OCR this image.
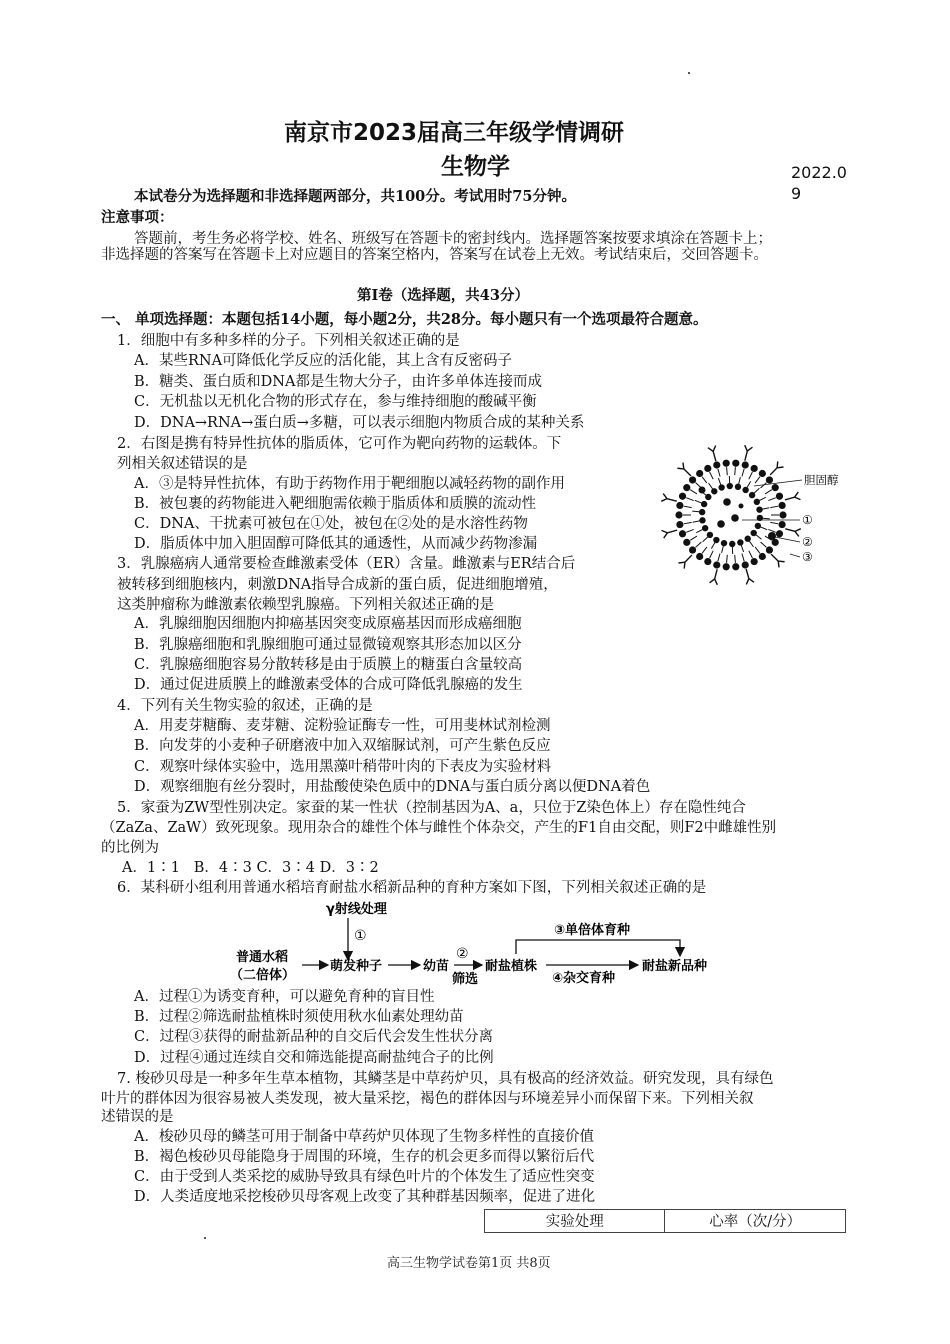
南京市2023届高三年级学情调研
生物学	2022.09
本试卷分为选择题和非选择题两部分，共100分。考试用时75分钟。
注意事项：
答题前，考生务必将学校、姓名、班级写在答题卡的密封线内。选择题答案按要求填涂在答题卡上；
非选择题的答案写在答题卡上对应题目的答案空格内，答案写在试卷上无效。考试结束后，交回答题卡。
第Ⅰ卷（选择题，共43分）
一、 单项选择题：本题包括14小题，每小题2分，共28分。每小题只有一个选项最符合题意。
1．细胞中有多种多样的分子。下列相关叙述正确的是
A．某些RNA可降低化学反应的活化能，其上含有反密码子
B．糖类、蛋白质和DNA都是生物大分子，由许多单体连接而成
C．无机盐以无机化合物的形式存在，参与维持细胞的酸碱平衡
D．DNA→RNA→蛋白质→多糖，可以表示细胞内物质合成的某种关系
2．右图是携有特异性抗体的脂质体，它可作为靶向药物的运载体。下
列相关叙述错误的是
A．③是特异性抗体，有助于药物作用于靶细胞以减轻药物的副作用
B．被包裹的药物能进入靶细胞需依赖于脂质体和质膜的流动性
C．DNA、干扰素可被包在①处，被包在②处的是水溶性药物
D．脂质体中加入胆固醇可降低其的通透性，从而减少药物渗漏
胆固醇
①
②
③
3．乳腺癌病人通常要检查雌激素受体（ER）含量。雌激素与ER结合后
被转移到细胞核内，刺激DNA指导合成新的蛋白质，促进细胞增殖，
这类肿瘤称为雌激素依赖型乳腺癌。下列相关叙述正确的是
A．乳腺细胞因细胞内抑癌基因突变成原癌基因而形成癌细胞
B．乳腺癌细胞和乳腺细胞可通过显微镜观察其形态加以区分
C．乳腺癌细胞容易分散转移是由于质膜上的糖蛋白含量较高
D．通过促进质膜上的雌激素受体的合成可降低乳腺癌的发生
4．下列有关生物实验的叙述，正确的是
A．用麦芽糖酶、麦芽糖、淀粉验证酶专一性，可用斐林试剂检测
B．向发芽的小麦种子研磨液中加入双缩脲试剂，可产生紫色反应
C．观察叶绿体实验中，选用黑藻叶稍带叶肉的下表皮为实验材料
D．观察细胞有丝分裂时，用盐酸使染色质中的DNA与蛋白质分离以便DNA着色
5．家蚕为ZW型性别决定。家蚕的某一性状（控制基因为A、a，只位于Z染色体上）存在隐性纯合
（ZaZa、ZaW）致死现象。现用杂合的雄性个体与雌性个体杂交，产生的F1自由交配，则F2中雌雄性别
的比例为
A．1∶1   B．4∶3 C．3∶4 D．3∶2
6．某科研小组利用普通水稻培育耐盐水稻新品种的育种方案如下图，下列相关叙述正确的是
γ射线处理
①
普通水稻
（二倍体）
萌发种子	幼苗
②
筛选
耐盐植株
③单倍体育种
④杂交育种
耐盐新品种
A．过程①为诱变育种，可以避免育种的盲目性
B．过程②筛选耐盐植株时须使用秋水仙素处理幼苗
C．过程③获得的耐盐新品种的自交后代会发生性状分离
D．过程④通过连续自交和筛选能提高耐盐纯合子的比例
7. 梭砂贝母是一种多年生草本植物，其鳞茎是中草药炉贝，具有极高的经济效益。研究发现，具有绿色
叶片的群体因为很容易被人类发现，被大量采挖，褐色的群体因与环境差异小而保留下来。下列相关叙
述错误的是
A．梭砂贝母的鳞茎可用于制备中草药炉贝体现了生物多样性的直接价值
B．褐色梭砂贝母能隐身于周围的环境，生存的机会更多而得以繁衍后代
C．由于受到人类采挖的威胁导致具有绿色叶片的个体发生了适应性突变
D．人类适度地采挖梭砂贝母客观上改变了其种群基因频率，促进了进化
实验处理	心率（次/分）
高三生物学试卷第1页 共8页
